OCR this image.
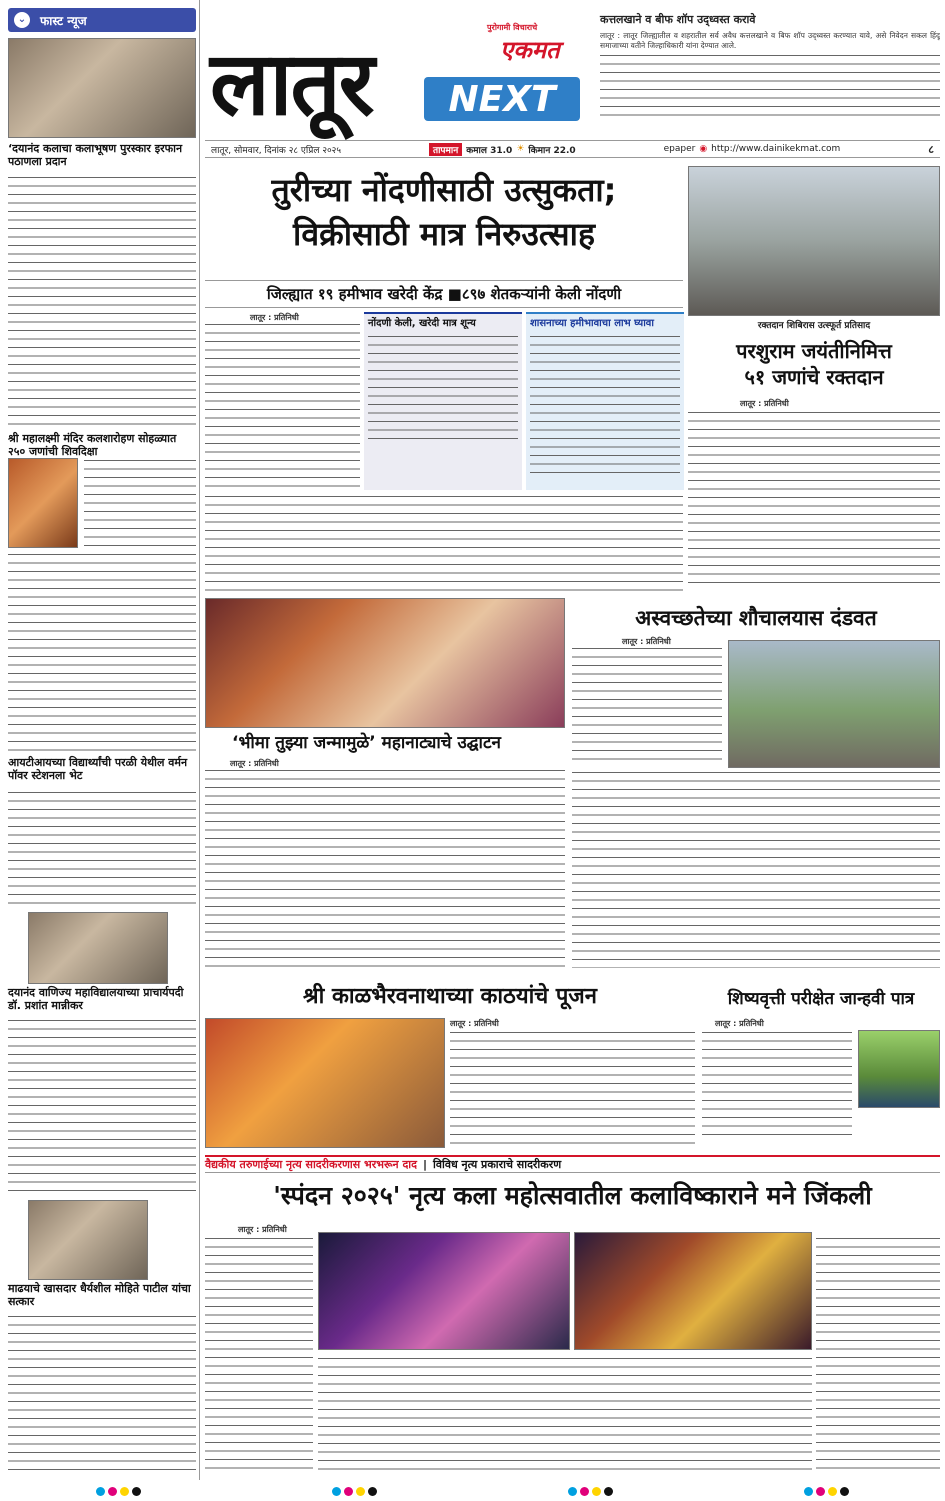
⌄	फास्ट न्यूज
‘दयानंद कलाचा कलाभूषण पुरस्कार इरफान पठाणला प्रदान
श्री महालक्ष्मी मंदिर कलशारोहण सोहळ्यात २५० जणांची शिवदिक्षा
आयटीआयच्या विद्यार्थ्यांची परळी येथील वर्मन पॉवर स्टेशनला भेट
दयानंद वाणिज्य महाविद्यालयाच्या प्राचार्यपदी डॉ. प्रशांत मान्नीकर
माढयाचे खासदार धैर्यशील मोहिते पाटील यांचा सत्कार
लातूर
पुरोगामी विचाराचे
एकमत
NEXT
कत्तलखाने व बीफ शॉप उद्ध्वस्त करावे
लातूर : लातूर जिल्ह्यातील व शहरातील सर्व अवैध कत्तलखाने व बिफ शॉप उद्ध्वस्त करण्यात यावे, असे निवेदन सकल हिंदू समाजाच्या वतीने जिल्हाधिकारी यांना देण्यात आले.
लातूर, सोमवार, दिनांक २८ एप्रिल २०२५	तापमान कमाल 31.0 ☀ किमान 22.0	epaper ◉ http://www.dainikekmat.com	८
तुरीच्या नोंदणीसाठी उत्सुकता;
विक्रीसाठी मात्र निरुउत्साह
जिल्ह्यात १९ हमीभाव खरेदी केंद्र ■८९७ शेतकऱ्यांनी केली नोंदणी
लातूर : प्रतिनिधी
नोंदणी केली, खरेदी मात्र शून्य	शासनाच्या हमीभावाचा लाभ घ्यावा	रक्तदान शिबिरास उत्स्फूर्त प्रतिसाद
परशुराम जयंतीनिमित्त
५१ जणांचे रक्तदान
लातूर : प्रतिनिधी
‘भीमा तुझ्या जन्मामुळे’ महानाट्याचे उद्घाटन
लातूर : प्रतिनिधी
अस्वच्छतेच्या शौचालयास दंडवत
लातूर : प्रतिनिधी
श्री काळभैरवनाथाच्या काठयांचे पूजन
लातूर : प्रतिनिधी
शिष्यवृत्ती परीक्षेत जान्हवी पात्र
लातूर : प्रतिनिधी
वैद्यकीय तरुणाईच्या नृत्य सादरीकरणास भरभरून दाद | विविध नृत्य प्रकाराचे सादरीकरण
'स्पंदन २०२५' नृत्य कला महोत्सवातील कलाविष्काराने मने जिंकली
लातूर : प्रतिनिधी
